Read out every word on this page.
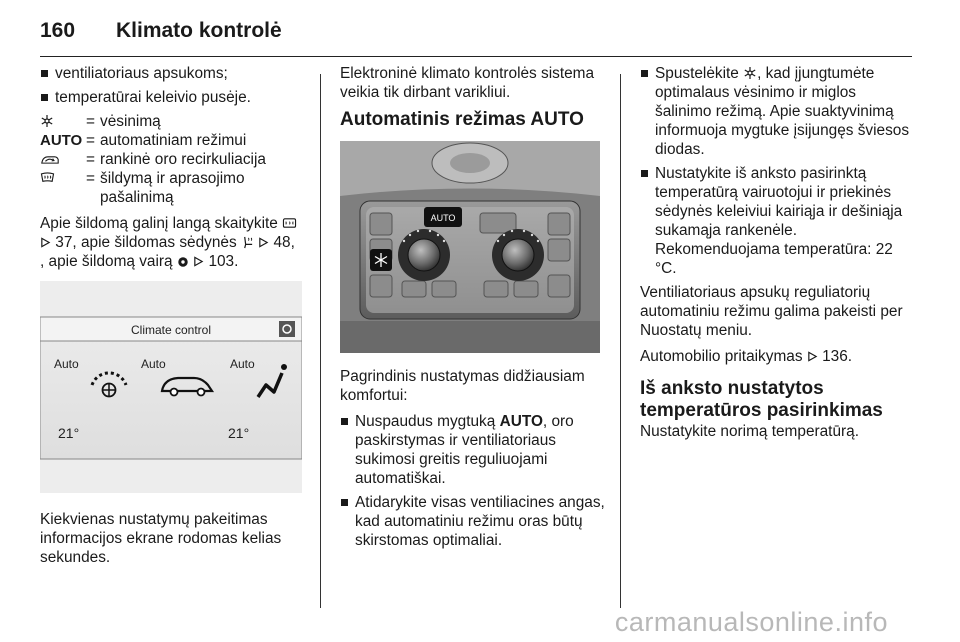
160 Klimato kontrolė
ventiliatoriaus apsukoms;
temperatūrai keleivio pusėje.
= vėsinimą
AUTO = automatiniam režimui
= rankinė oro recirkuliacija
= šildymą ir aprasojimo pašalinimą

Apie šildomą galinį langą skaitykite
37, apie šildomas sėdynės   48,
, apie šildomą vairą   103.

Climate control
Auto	Auto	Auto
21°	21°

Kiekvienas nustatymų pakeitimas informacijos ekrane rodomas kelias sekundes.

Elektroninė klimato kontrolės sistema veikia tik dirbant varikliui.

Automatinis režimas AUTO
AUTO

Pagrindinis nustatymas didžiausiam komfortui:

Nuspaudus mygtuką AUTO, oro paskirstymas ir ventiliatoriaus sukimosi greitis reguliuojami automatiškai.
Atidarykite visas ventiliacines angas, kad automatiniu režimu oras būtų skirstomas optimaliai.
Spustelėkite , kad įjungtumėte optimalaus vėsinimo ir miglos šalinimo režimą. Apie suaktyvinimą informuoja mygtuke įsijungęs šviesos diodas.
Nustatykite iš anksto pasirinktą temperatūrą vairuotojui ir priekinės sėdynės keleiviui kairiąja ir dešiniąja sukamąja rankenėle. Rekomenduojama temperatūra: 22 °C.

Ventiliatoriaus apsukų reguliatorių automatiniu režimu galima pakeisti per Nuostatų meniu.

Automobilio pritaikymas  136.

Iš anksto nustatytos
temperatūros pasirinkimas

Nustatykite norimą temperatūrą.

carmanualsonline.info
